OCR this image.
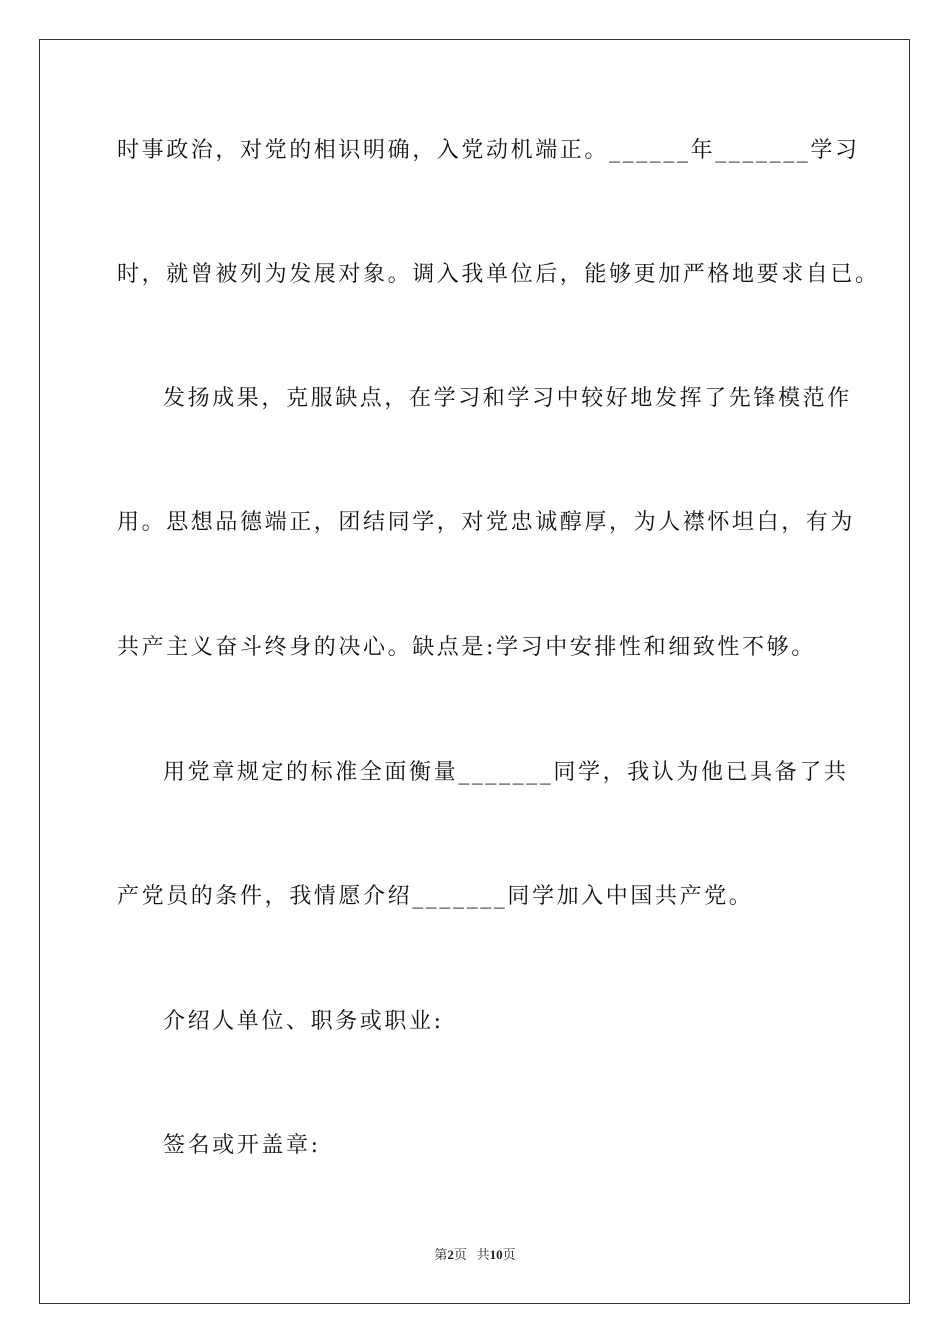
时事政治，对党的相识明确，入党动机端正。______年_______学习
时，就曾被列为发展对象。调入我单位后，能够更加严格地要求自已。
发扬成果，克服缺点，在学习和学习中较好地发挥了先锋模范作
用。思想品德端正，团结同学，对党忠诚醇厚，为人襟怀坦白，有为
共产主义奋斗终身的决心。缺点是:学习中安排性和细致性不够。
用党章规定的标准全面衡量_______同学，我认为他已具备了共
产党员的条件，我情愿介绍_______同学加入中国共产党。
介绍人单位、职务或职业:
签名或开盖章:
第2页 共10页
